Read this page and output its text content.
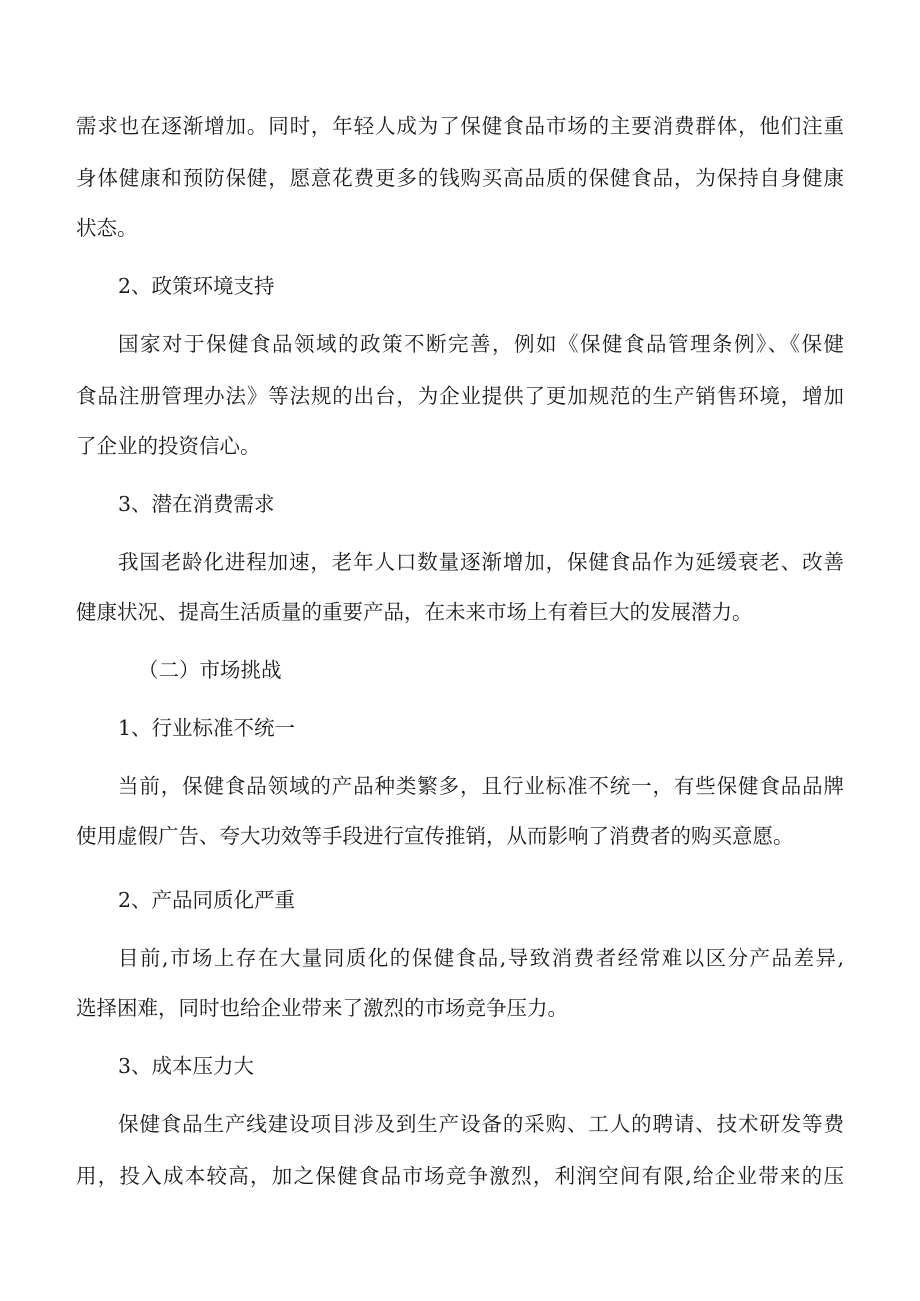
需求也在逐渐增加。同时，年轻人成为了保健食品市场的主要消费群体，他们注重
身体健康和预防保健，愿意花费更多的钱购买高品质的保健食品，为保持自身健康
状态。
2、政策环境支持
国家对于保健食品领域的政策不断完善，例如《保健食品管理条例》、《保健
食品注册管理办法》等法规的出台，为企业提供了更加规范的生产销售环境，增加
了企业的投资信心。
3、潜在消费需求
我国老龄化进程加速，老年人口数量逐渐增加，保健食品作为延缓衰老、改善
健康状况、提高生活质量的重要产品，在未来市场上有着巨大的发展潜力。
（二）市场挑战
1、行业标准不统一
当前，保健食品领域的产品种类繁多，且行业标准不统一，有些保健食品品牌
使用虚假广告、夸大功效等手段进行宣传推销，从而影响了消费者的购买意愿。
2、产品同质化严重
目前,市场上存在大量同质化的保健食品,导致消费者经常难以区分产品差异,
选择困难，同时也给企业带来了激烈的市场竞争压力。
3、成本压力大
保健食品生产线建设项目涉及到生产设备的采购、工人的聘请、技术研发等费
用，投入成本较高，加之保健食品市场竞争激烈，利润空间有限,给企业带来的压
